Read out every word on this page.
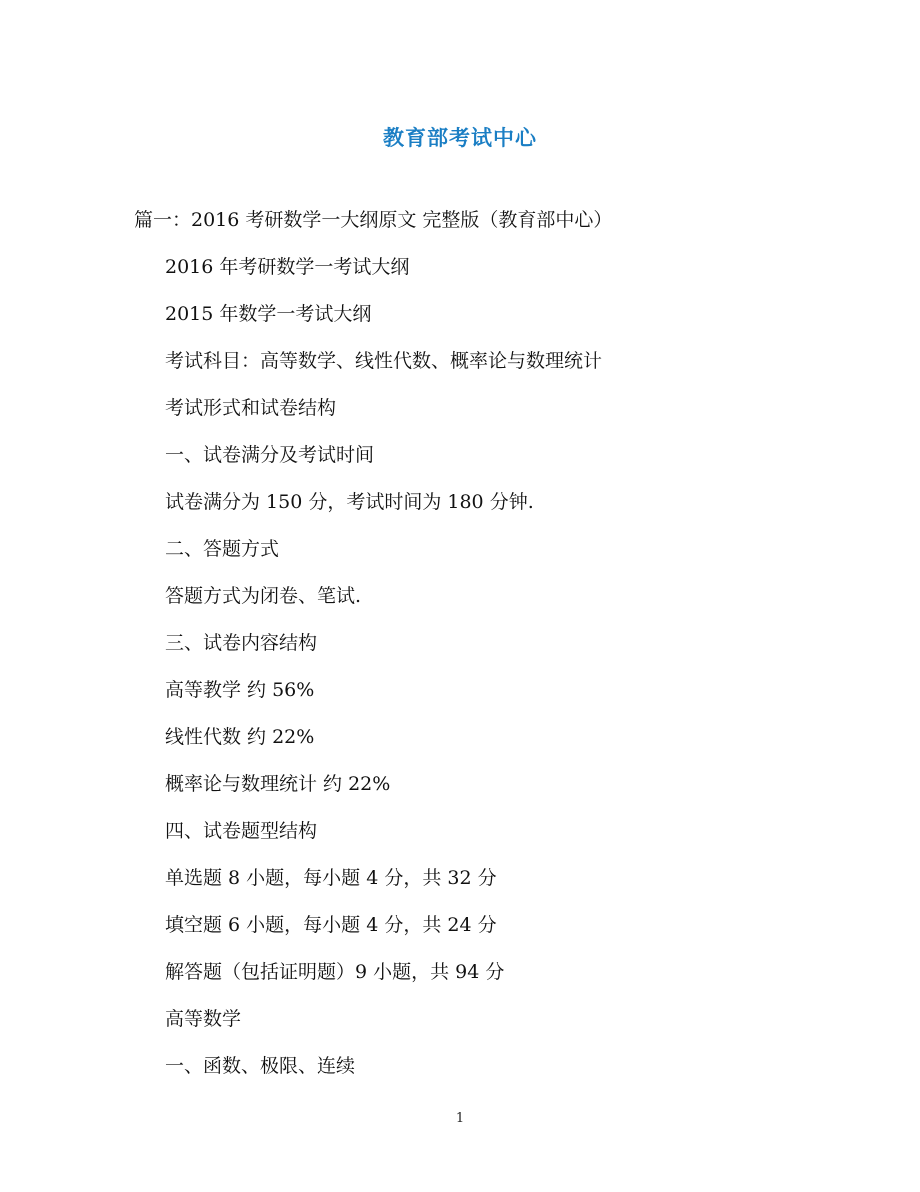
教育部考试中心
篇一：2016 考研数学一大纲原文 完整版（教育部中心）
2016 年考研数学一考试大纲
2015 年数学一考试大纲
考试科目：高等数学、线性代数、概率论与数理统计
考试形式和试卷结构
一、试卷满分及考试时间
试卷满分为 150 分，考试时间为 180 分钟.
二、答题方式
答题方式为闭卷、笔试.
三、试卷内容结构
高等教学 约 56%
线性代数 约 22%
概率论与数理统计 约 22%
四、试卷题型结构
单选题 8 小题，每小题 4 分，共 32 分
填空题 6 小题，每小题 4 分，共 24 分
解答题（包括证明题）9 小题，共 94 分
高等数学
一、函数、极限、连续
1
